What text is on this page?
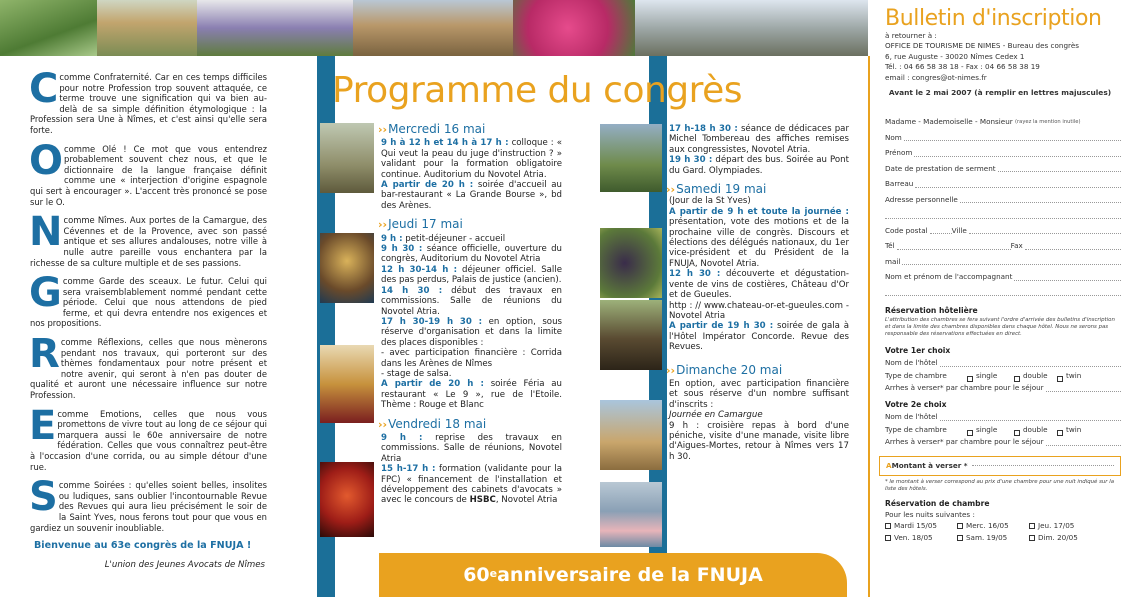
Ccomme Confraternité. Car en ces temps difficiles pour notre Profession trop souvent attaquée, ce terme trouve une signification qui va bien au-delà de sa simple définition étymologique : la Profession sera Une à Nîmes, et c'est ainsi qu'elle sera forte.
Ocomme Olé ! Ce mot que vous entendrez probablement souvent chez nous, et que le dictionnaire de la langue française définit comme une « interjection d'origine espagnole qui sert à encourager ». L'accent très prononcé se pose sur le O.
Ncomme Nîmes. Aux portes de la Camargue, des Cévennes et de la Provence, avec son passé antique et ses allures andalouses, notre ville à nulle autre pareille vous enchantera par la richesse de sa culture multiple et de ses passions.
Gcomme Garde des sceaux. Le futur. Celui qui sera vraisemblablement nommé pendant cette période. Celui que nous attendons de pied ferme, et qui devra entendre nos exigences et nos propositions.
Rcomme Réflexions, celles que nous mènerons pendant nos travaux, qui porteront sur des thèmes fondamentaux pour notre présent et notre avenir, qui seront à n'en pas douter de qualité et auront une nécessaire influence sur notre Profession.
Ecomme Emotions, celles que nous vous promettons de vivre tout au long de ce séjour qui marquera aussi le 60e anniversaire de notre fédération. Celles que vous connaîtrez peut-être à l'occasion d'une corrida, ou au simple détour d'une rue.
Scomme Soirées : qu'elles soient belles, insolites ou ludiques, sans oublier l'incontournable Revue des Revues qui aura lieu précisément le soir de la Saint Yves, nous ferons tout pour que vous en gardiez un souvenir inoubliable.
Bienvenue au 63e congrès de la FNUJA !
L'union des Jeunes Avocats de Nîmes
Programme du congrès
››Mercredi 16 mai

9 h à 12 h et 14 h à 17 h : colloque : « Qui veut la peau du juge d'instruction ? » validant pour la formation obligatoire continue. Auditorium du Novotel Atria.

A partir de 20 h : soirée d'accueil au bar-restaurant « La Grande Bourse », bd des Arènes.

››Jeudi 17 mai

9 h : petit-déjeuner - accueil

9 h 30 : séance officielle, ouverture du congrès, Auditorium du Novotel Atria

12 h 30-14 h : déjeuner officiel. Salle des pas perdus, Palais de justice (ancien).

14 h 30 : début des travaux en commissions. Salle de réunions du Novotel Atria.

17 h 30-19 h 30 : en option, sous réserve d'organisation et dans la limite des places disponibles :

- avec participation financière : Corrida dans les Arènes de Nîmes

- stage de salsa.

A partir de 20 h : soirée Féria au restaurant « Le 9 », rue de l'Etoile. Thème : Rouge et Blanc

››Vendredi 18 mai

9 h : reprise des travaux en commissions. Salle de réunions, Novotel Atria

15 h-17 h : formation (validante pour la FPC) « financement de l'installation et développement des cabinets d'avocats » avec le concours de HSBC, Novotel Atria

17 h-18 h 30 : séance de dédicaces par Michel Tombereau des affiches remises aux congressistes, Novotel Atria.

19 h 30 : départ des bus. Soirée au Pont du Gard. Olympiades.

››Samedi 19 mai

(Jour de la St Yves)

A partir de 9 h et toute la journée : présentation, vote des motions et de la prochaine ville de congrès. Discours et élections des délégués nationaux, du 1er vice-président et du Président de la FNUJA, Novotel Atria.

12 h 30 : découverte et dégustation-vente de vins de costières, Château d'Or et de Gueules.

http : // www.chateau-or-et-gueules.com - Novotel Atria

A partir de 19 h 30 : soirée de gala à l'Hôtel Impérator Concorde. Revue des Revues.

››Dimanche 20 mai

En option, avec participation financière et sous réserve d'un nombre suffisant d'inscrits :

Journée en Camargue

9 h : croisière repas à bord d'une péniche, visite d'une manade, visite libre d'Aigues-Mortes, retour à Nîmes vers 17 h 30.

60e anniversaire de la FNUJA
Bulletin d'inscription
à retourner à :
OFFICE DE TOURISME DE NIMES - Bureau des congrès
6, rue Auguste - 30020 Nîmes Cedex 1
Tél. : 04 66 58 38 18 - Fax : 04 66 58 38 19
email : congres@ot-nimes.fr
Avant le 2 mai 2007 (à remplir en lettres majuscules)
Madame - Mademoiselle - Monsieur
(rayez la mention inutile)
Nom
Prénom
Date de prestation de serment
Barreau
Adresse personnelle
Code postal	Ville
Tél	Fax
mail
Nom et prénom de l'accompagnant
Réservation hôtelière
L'attribution des chambres se fera suivant l'ordre d'arrivée des bulletins d'inscription et dans la limite des chambres disponibles dans chaque hôtel. Nous ne serons pas responsable des réservations effectuées en direct.
Votre 1er choix
Nom de l'hôtel
Type de chambre	single	double	twin
Arrhes à verser* par chambre pour le séjour
Votre 2e choix
Nom de l'hôtel
Type de chambre	single	double	twin
Arrhes à verser* par chambre pour le séjour
A Montant à verser *
* le montant à verser correspond au prix d'une chambre pour une nuit indiqué sur la liste des hôtels.
Réservation de chambre
Pour les nuits suivantes :
Mardi 15/05	Merc. 16/05	Jeu. 17/05
Ven. 18/05	Sam. 19/05	Dim. 20/05
